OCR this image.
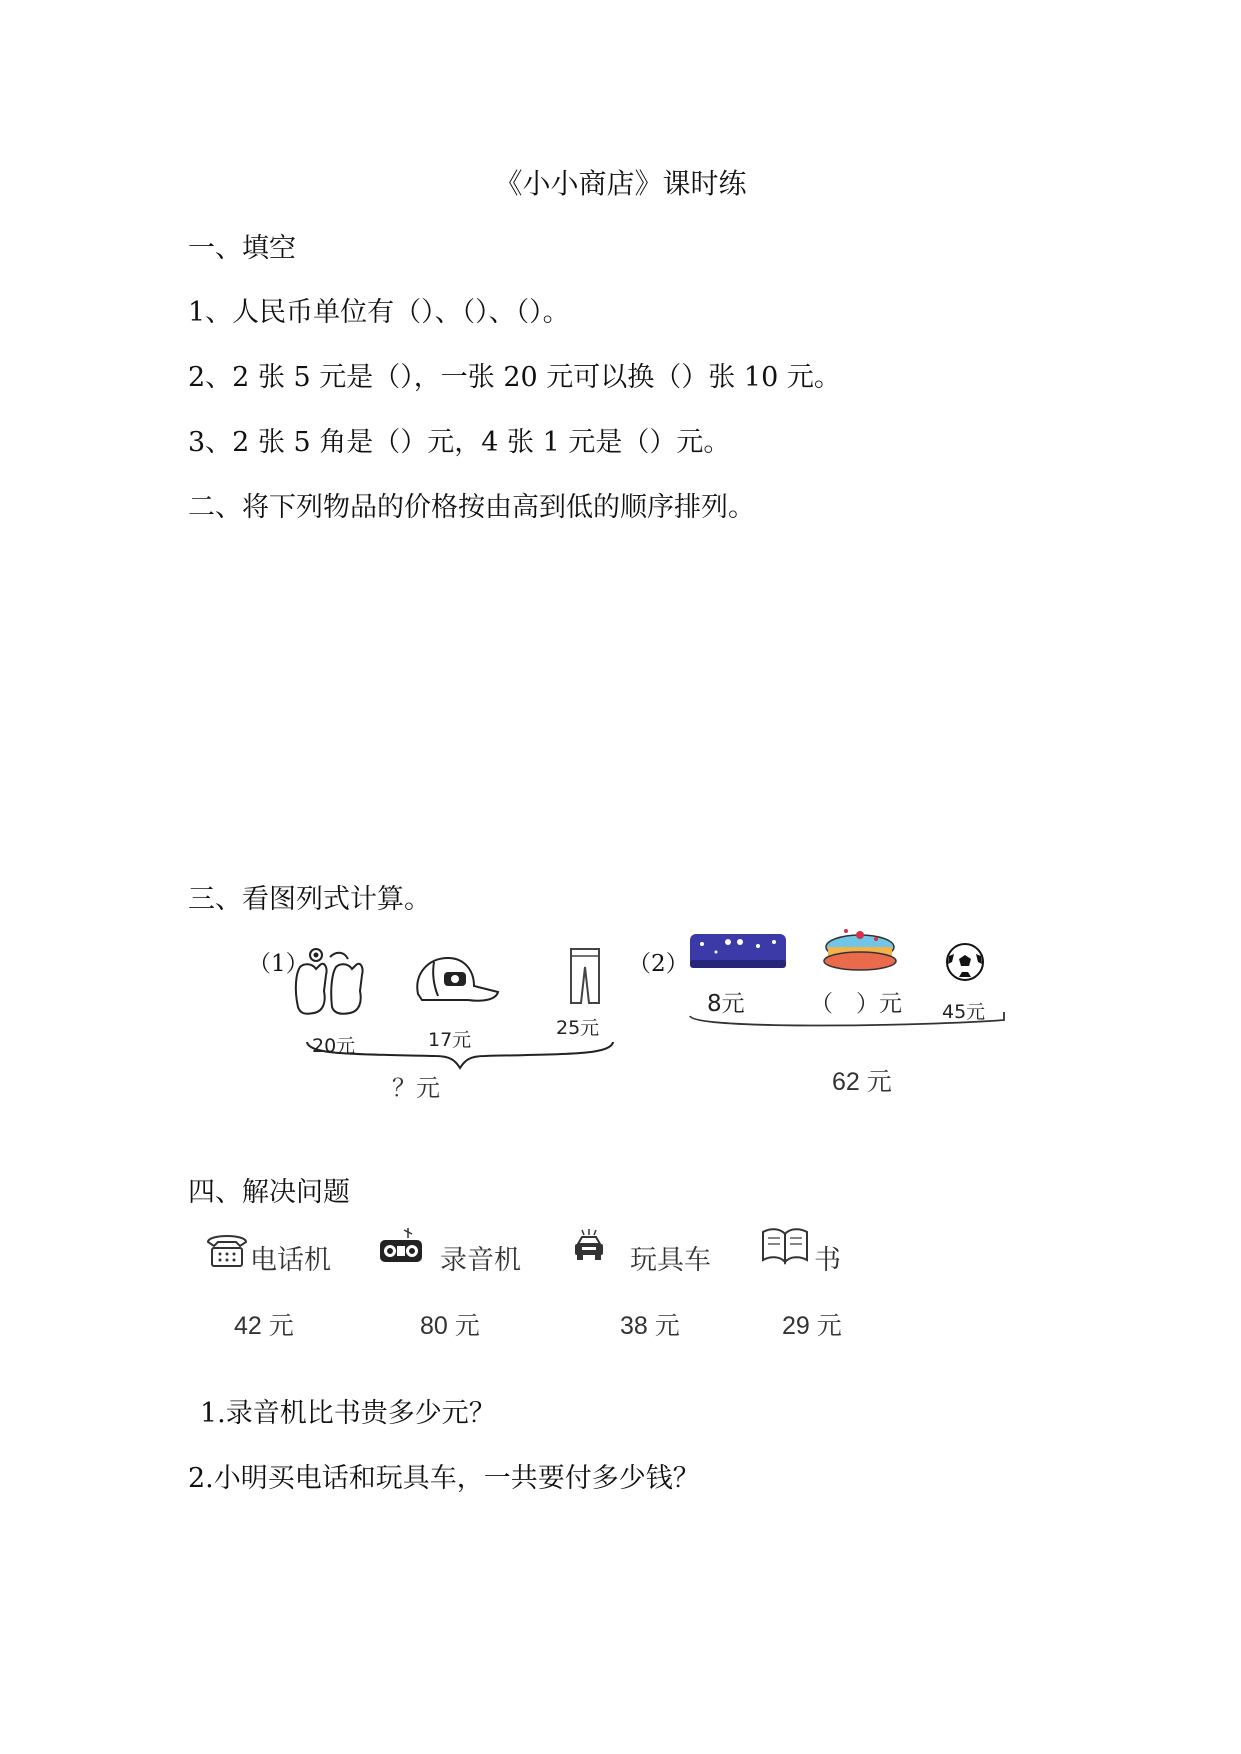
《小小商店》课时练
一、填空
1、人民币单位有（）、（）、（）。
2、2 张 5 元是（），一张 20 元可以换（）张 10 元。
3、2 张 5 角是（）元，4 张 1 元是（）元。
二、将下列物品的价格按由高到低的顺序排列。
三、看图列式计算。
（1）
20元	17元
25元
？元
（2）
8元	（　）元 45元
62 元
四、解决问题
电话机
42 元
录音机
80 元
玩具车
38 元
书
29 元
1.录音机比书贵多少元？
2.小明买电话和玩具车，一共要付多少钱？
